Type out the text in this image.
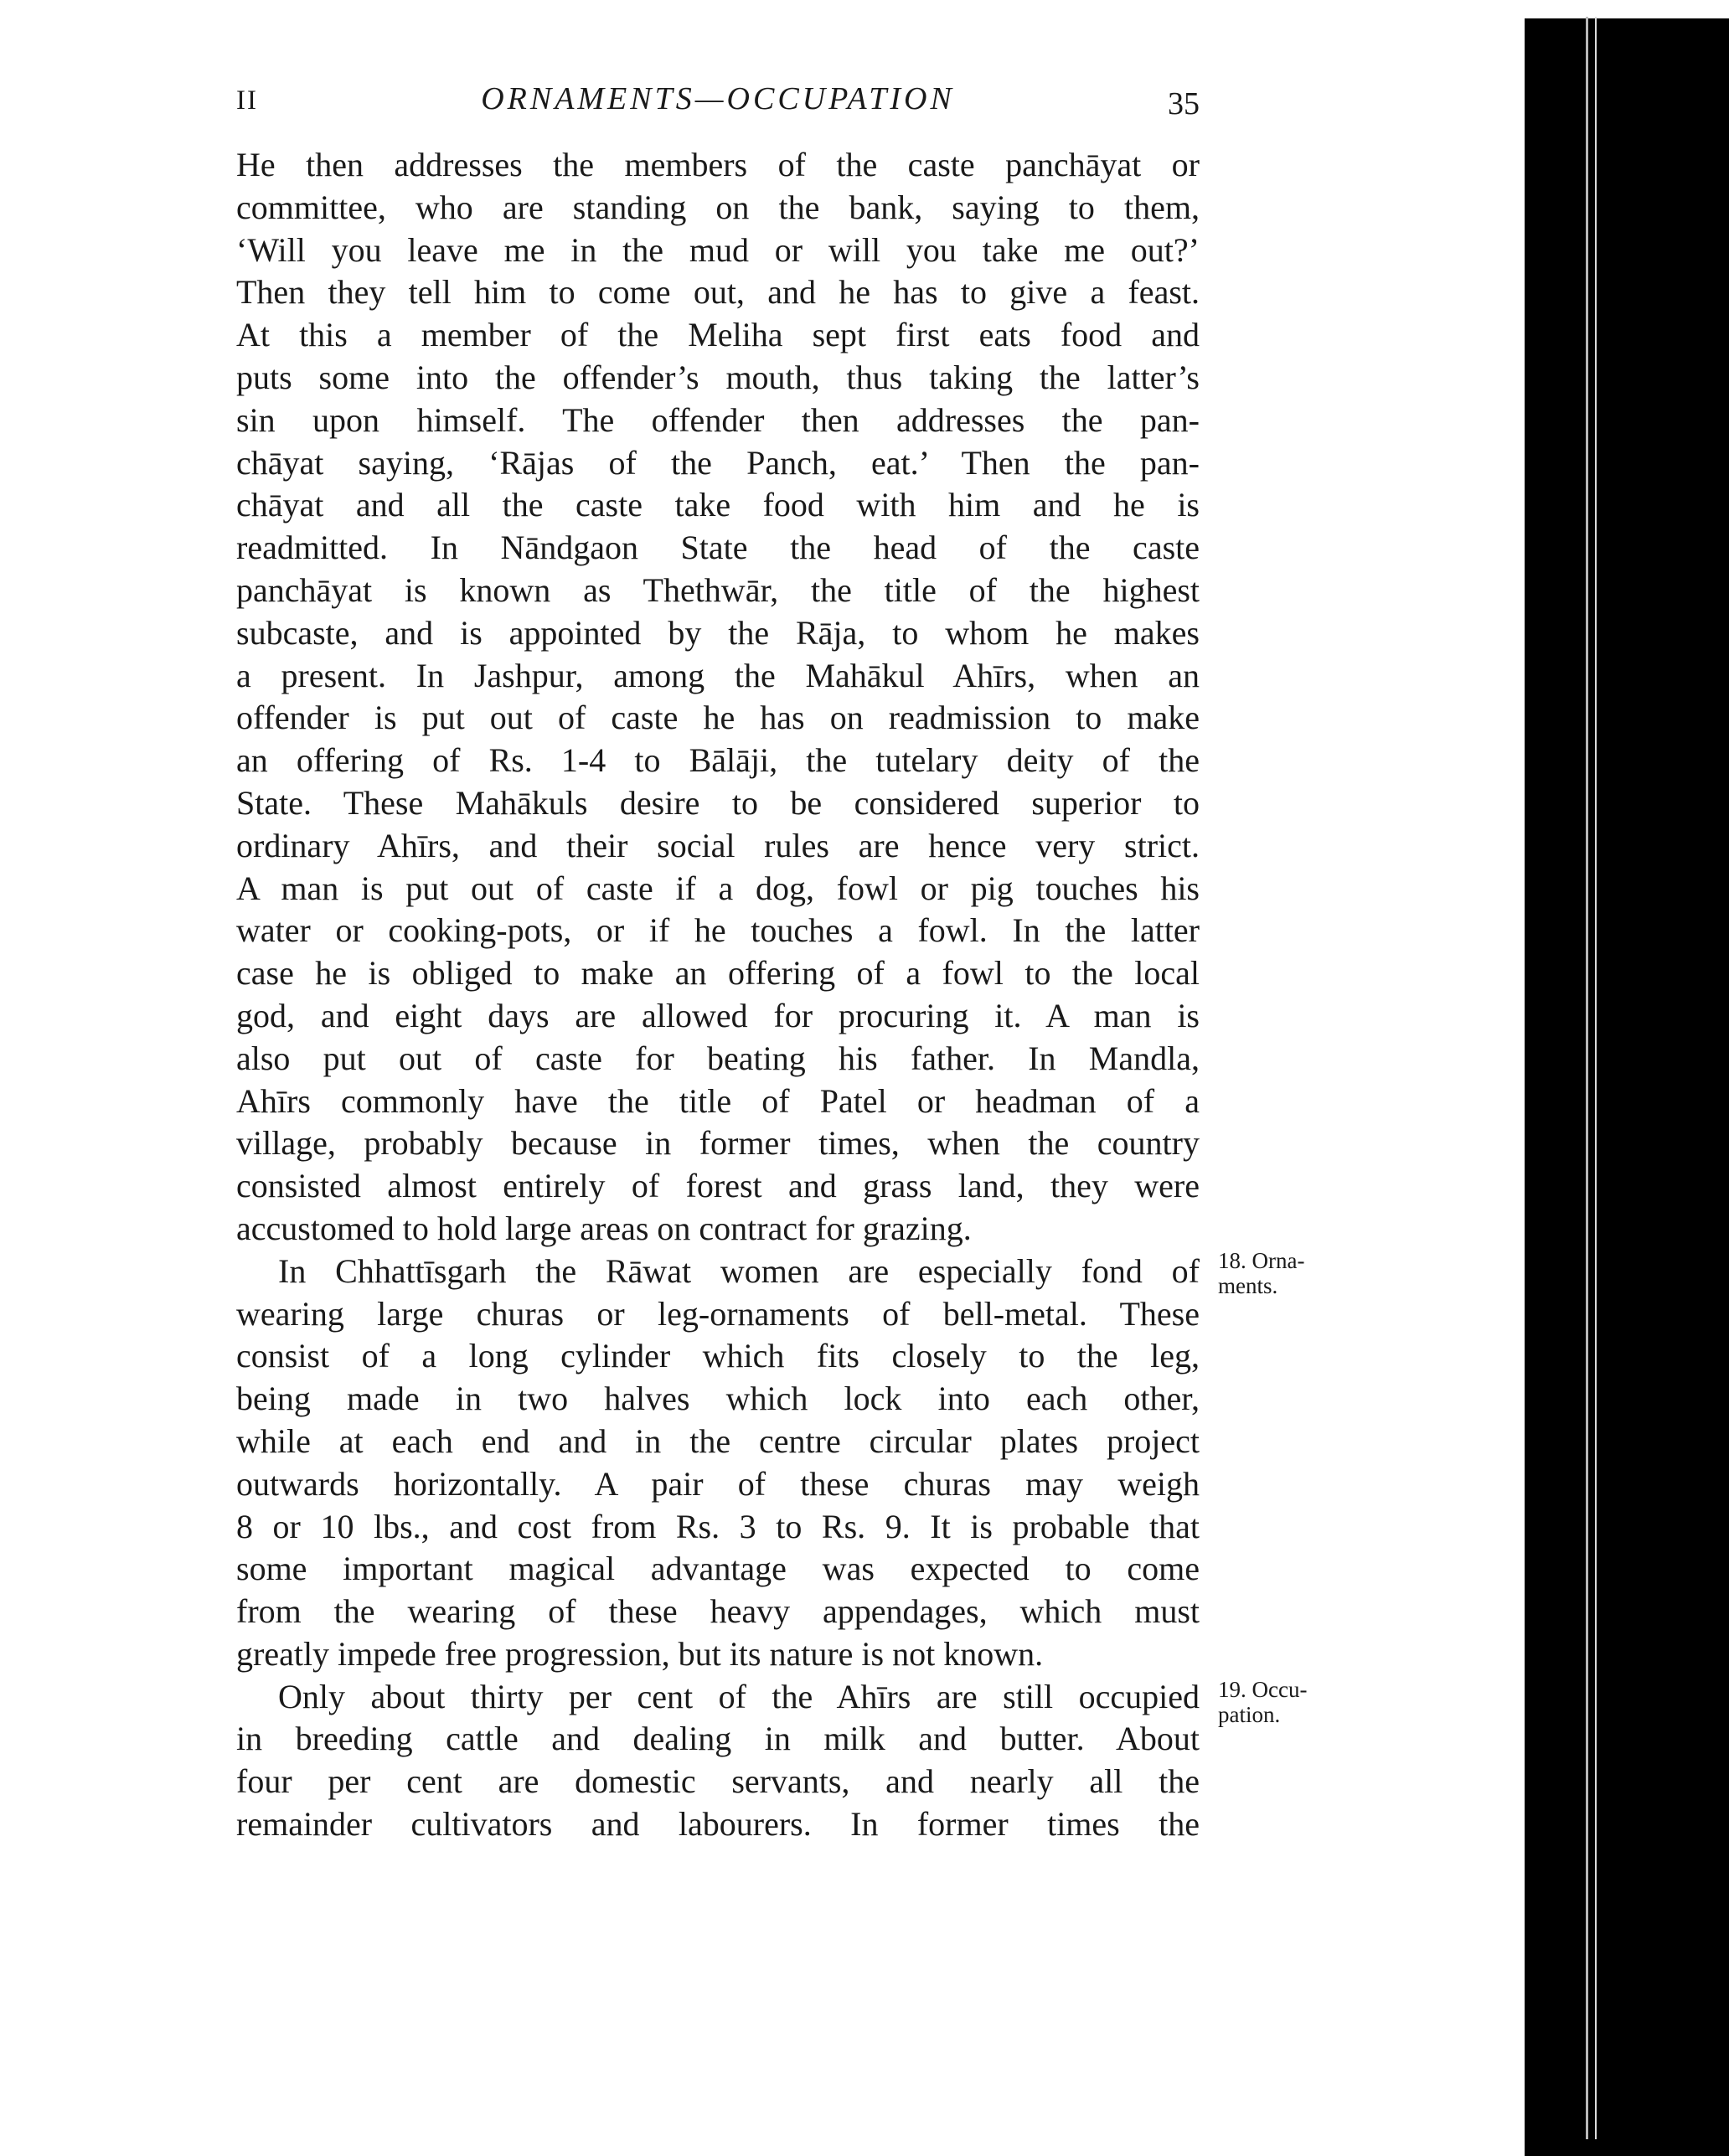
II	ORNAMENTS—OCCUPATION	35
He then addresses the members of the caste panchāyat or
committee, who are standing on the bank, saying to them,
‘Will you leave me in the mud or will you take me out?’
Then they tell him to come out, and he has to give a feast.
At this a member of the Meliha sept first eats food and
puts some into the offender’s mouth, thus taking the latter’s
sin upon himself. The offender then addresses the pan-
chāyat saying, ‘Rājas of the Panch, eat.’ Then the pan-
chāyat and all the caste take food with him and he is
readmitted. In Nāndgaon State the head of the caste
panchāyat is known as Thethwār, the title of the highest
subcaste, and is appointed by the Rāja, to whom he makes
a present. In Jashpur, among the Mahākul Ahīrs, when an
offender is put out of caste he has on readmission to make
an offering of Rs. 1-4 to Bālāji, the tutelary deity of the
State. These Mahākuls desire to be considered superior to
ordinary Ahīrs, and their social rules are hence very strict.
A man is put out of caste if a dog, fowl or pig touches his
water or cooking-pots, or if he touches a fowl. In the latter
case he is obliged to make an offering of a fowl to the local
god, and eight days are allowed for procuring it. A man is
also put out of caste for beating his father. In Mandla,
Ahīrs commonly have the title of Patel or headman of a
village, probably because in former times, when the country
consisted almost entirely of forest and grass land, they were
accustomed to hold large areas on contract for grazing.
In Chhattīsgarh the Rāwat women are especially fond of
wearing large churas or leg-ornaments of bell-metal. These
consist of a long cylinder which fits closely to the leg,
being made in two halves which lock into each other,
while at each end and in the centre circular plates project
outwards horizontally. A pair of these churas may weigh
8 or 10 lbs., and cost from Rs. 3 to Rs. 9. It is probable that
some important magical advantage was expected to come
from the wearing of these heavy appendages, which must
greatly impede free progression, but its nature is not known.
Only about thirty per cent of the Ahīrs are still occupied
in breeding cattle and dealing in milk and butter. About
four per cent are domestic servants, and nearly all the
remainder cultivators and labourers. In former times the
18. Orna-
ments.
19. Occu-
pation.
